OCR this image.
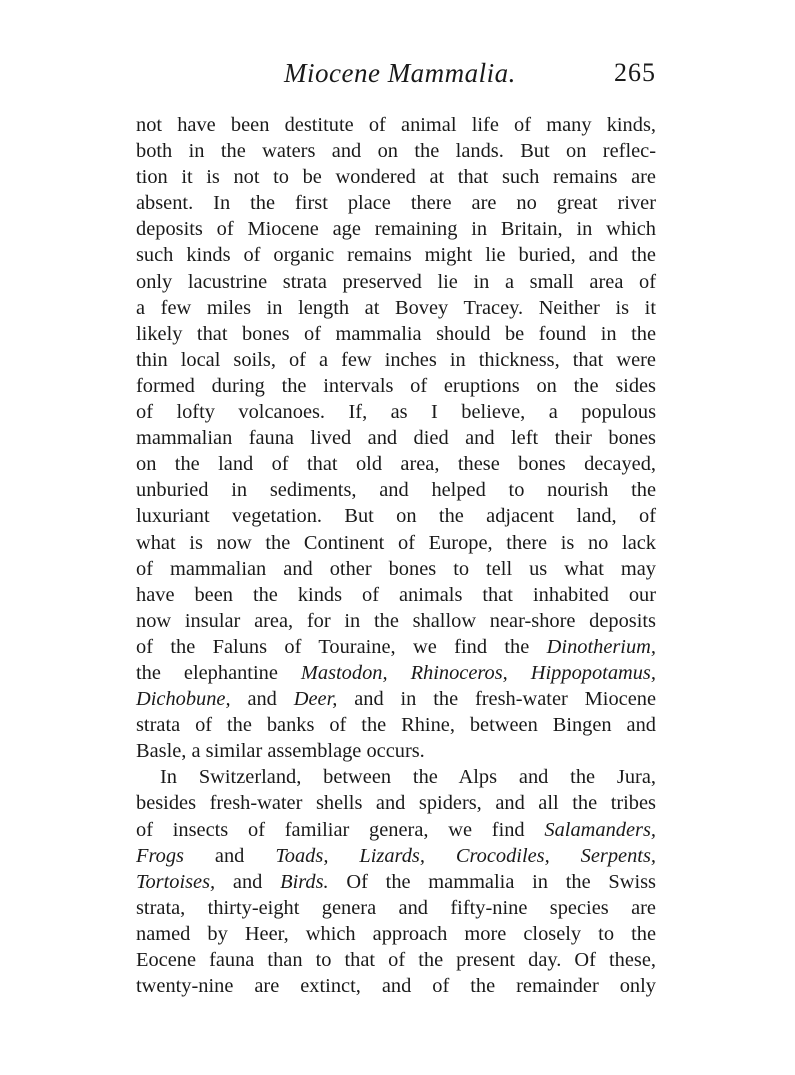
Miocene Mammalia.	265
not have been destitute of animal life of many kinds,
both in the waters and on the lands. But on reflec-
tion it is not to be wondered at that such remains are
absent. In the first place there are no great river
deposits of Miocene age remaining in Britain, in which
such kinds of organic remains might lie buried, and the
only lacustrine strata preserved lie in a small area of
a few miles in length at Bovey Tracey. Neither is it
likely that bones of mammalia should be found in the
thin local soils, of a few inches in thickness, that were
formed during the intervals of eruptions on the sides
of lofty volcanoes. If, as I believe, a populous
mammalian fauna lived and died and left their bones
on the land of that old area, these bones decayed,
unburied in sediments, and helped to nourish the
luxuriant vegetation. But on the adjacent land, of
what is now the Continent of Europe, there is no lack
of mammalian and other bones to tell us what may
have been the kinds of animals that inhabited our
now insular area, for in the shallow near-shore deposits
of the Faluns of Touraine, we find the Dinotherium,
the elephantine Mastodon, Rhinoceros, Hippopotamus,
Dichobune, and Deer, and in the fresh-water Miocene
strata of the banks of the Rhine, between Bingen and
Basle, a similar assemblage occurs.
In Switzerland, between the Alps and the Jura,
besides fresh-water shells and spiders, and all the tribes
of insects of familiar genera, we find Salamanders,
Frogs and Toads, Lizards, Crocodiles, Serpents,
Tortoises, and Birds. Of the mammalia in the Swiss
strata, thirty-eight genera and fifty-nine species are
named by Heer, which approach more closely to the
Eocene fauna than to that of the present day. Of these,
twenty-nine are extinct, and of the remainder only
